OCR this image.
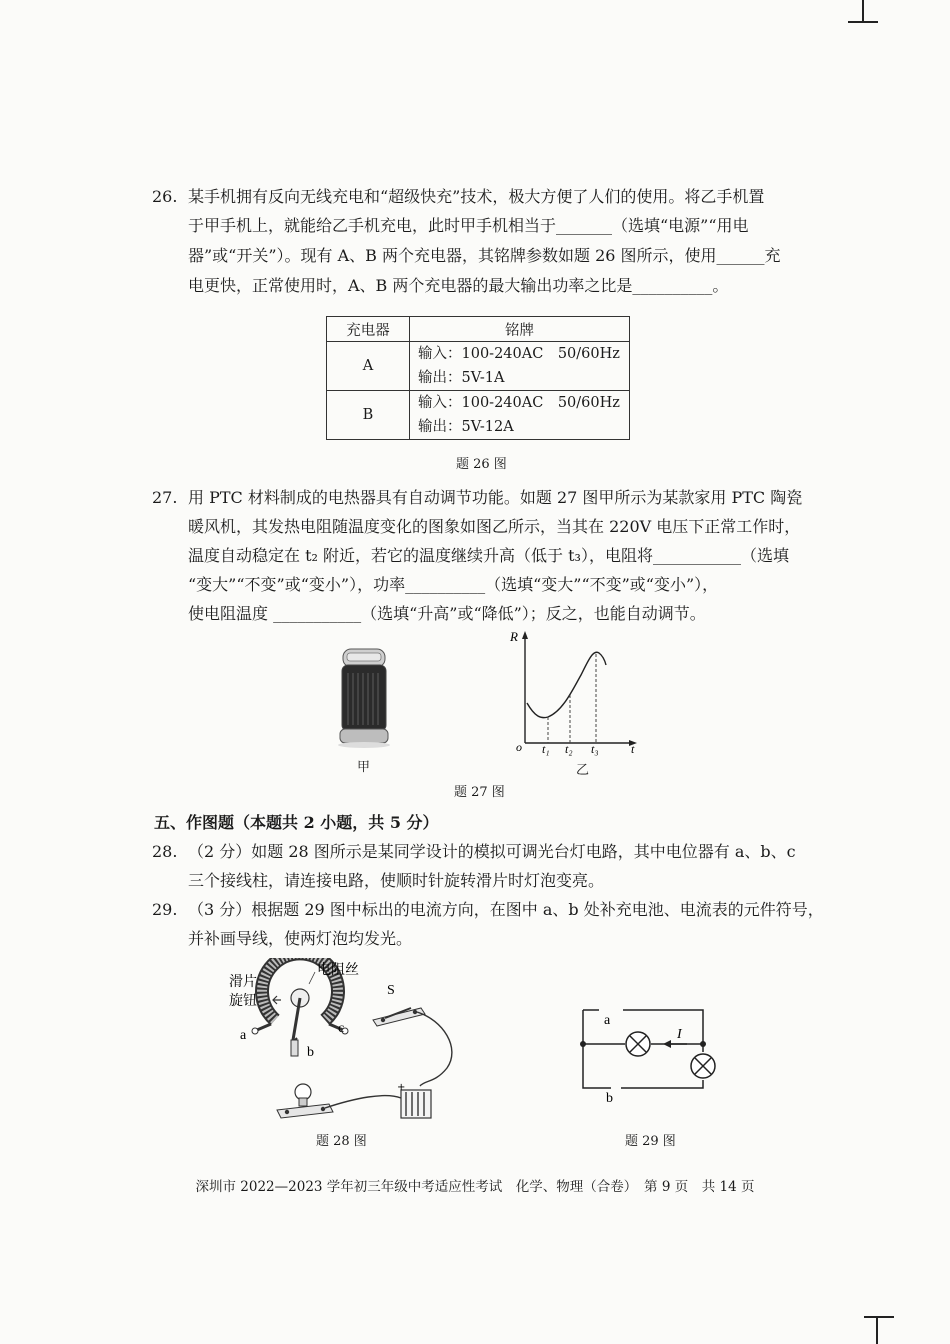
26. 某手机拥有反向无线充电和“超级快充”技术，极大方便了人们的使用。将乙手机置
于甲手机上，就能给乙手机充电，此时甲手机相当于_______（选填“电源”“用电
器”或“开关”）。现有 A、B 两个充电器，其铭牌参数如题 26 图所示，使用______充
电更快，正常使用时，A、B 两个充电器的最大输出功率之比是__________。
充电器	铭牌
A	输入：100-240AC　50/60Hz
输出：5V-1A

B	输入：100-240AC　50/60Hz
输出：5V-12A
题 26 图
27. 用 PTC 材料制成的电热器具有自动调节功能。如题 27 图甲所示为某款家用 PTC 陶瓷
暖风机，其发热电阻随温度变化的图象如图乙所示，当其在 220V 电压下正常工作时，
温度自动稳定在 t₂ 附近，若它的温度继续升高（低于 t₃），电阻将___________（选填
“变大”“不变”或“变小”），功率__________（选填“变大”“不变”或“变小”），
使电阻温度 ___________（选填“升高”或“降低”）；反之，也能自动调节。
甲
R
o t₁ t₂ t₃	t
乙
题 27 图
五、作图题（本题共 2 小题，共 5 分）
28. （2 分）如题 28 图所示是某同学设计的模拟可调光台灯电路，其中电位器有 a、b、c
三个接线柱，请连接电路，使顺时针旋转滑片时灯泡变亮。
29. （3 分）根据题 29 图中标出的电流方向，在图中 a、b 处补充电池、电流表的元件符号，
并补画导线，使两灯泡均发光。
滑片
旋钮
电阻丝
a
b
c
S
+
题 28 图
I
a
b
题 29 图
深圳市 2022—2023 学年初三年级中考适应性考试　化学、物理（合卷）　第 9 页　共 14 页
